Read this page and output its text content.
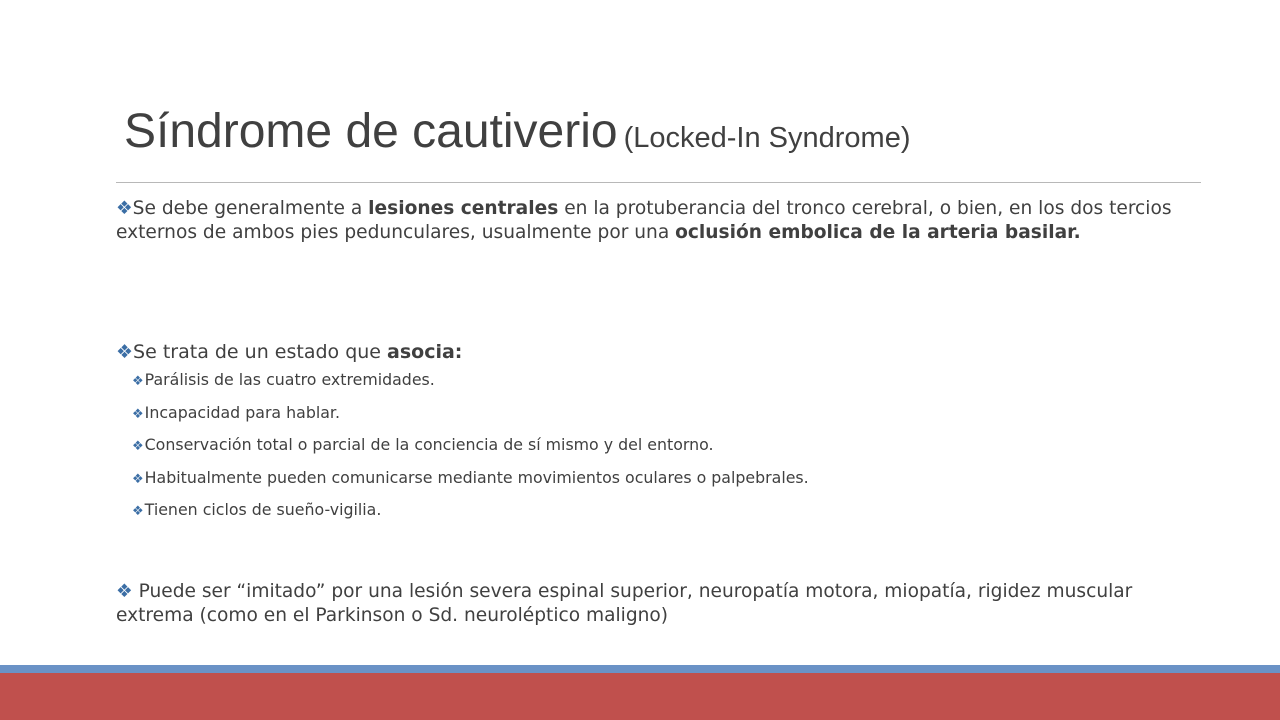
Síndrome de cautiverio (Locked-In Syndrome)
❖Se debe generalmente a lesiones centrales en la protuberancia del tronco cerebral, o bien, en los dos tercios externos de ambos pies pedunculares, usualmente por una oclusión embolica de la arteria basilar.
❖Se trata de un estado que asocia:
❖Parálisis de las cuatro extremidades.
❖Incapacidad para hablar.
❖Conservación total o parcial de la conciencia de sí mismo y del entorno.
❖Habitualmente pueden comunicarse mediante movimientos oculares o palpebrales.
❖Tienen ciclos de sueño-vigilia.
❖ Puede ser “imitado” por una lesión severa espinal superior, neuropatía motora, miopatía, rigidez muscular extrema (como en el Parkinson o Sd. neuroléptico maligno)
